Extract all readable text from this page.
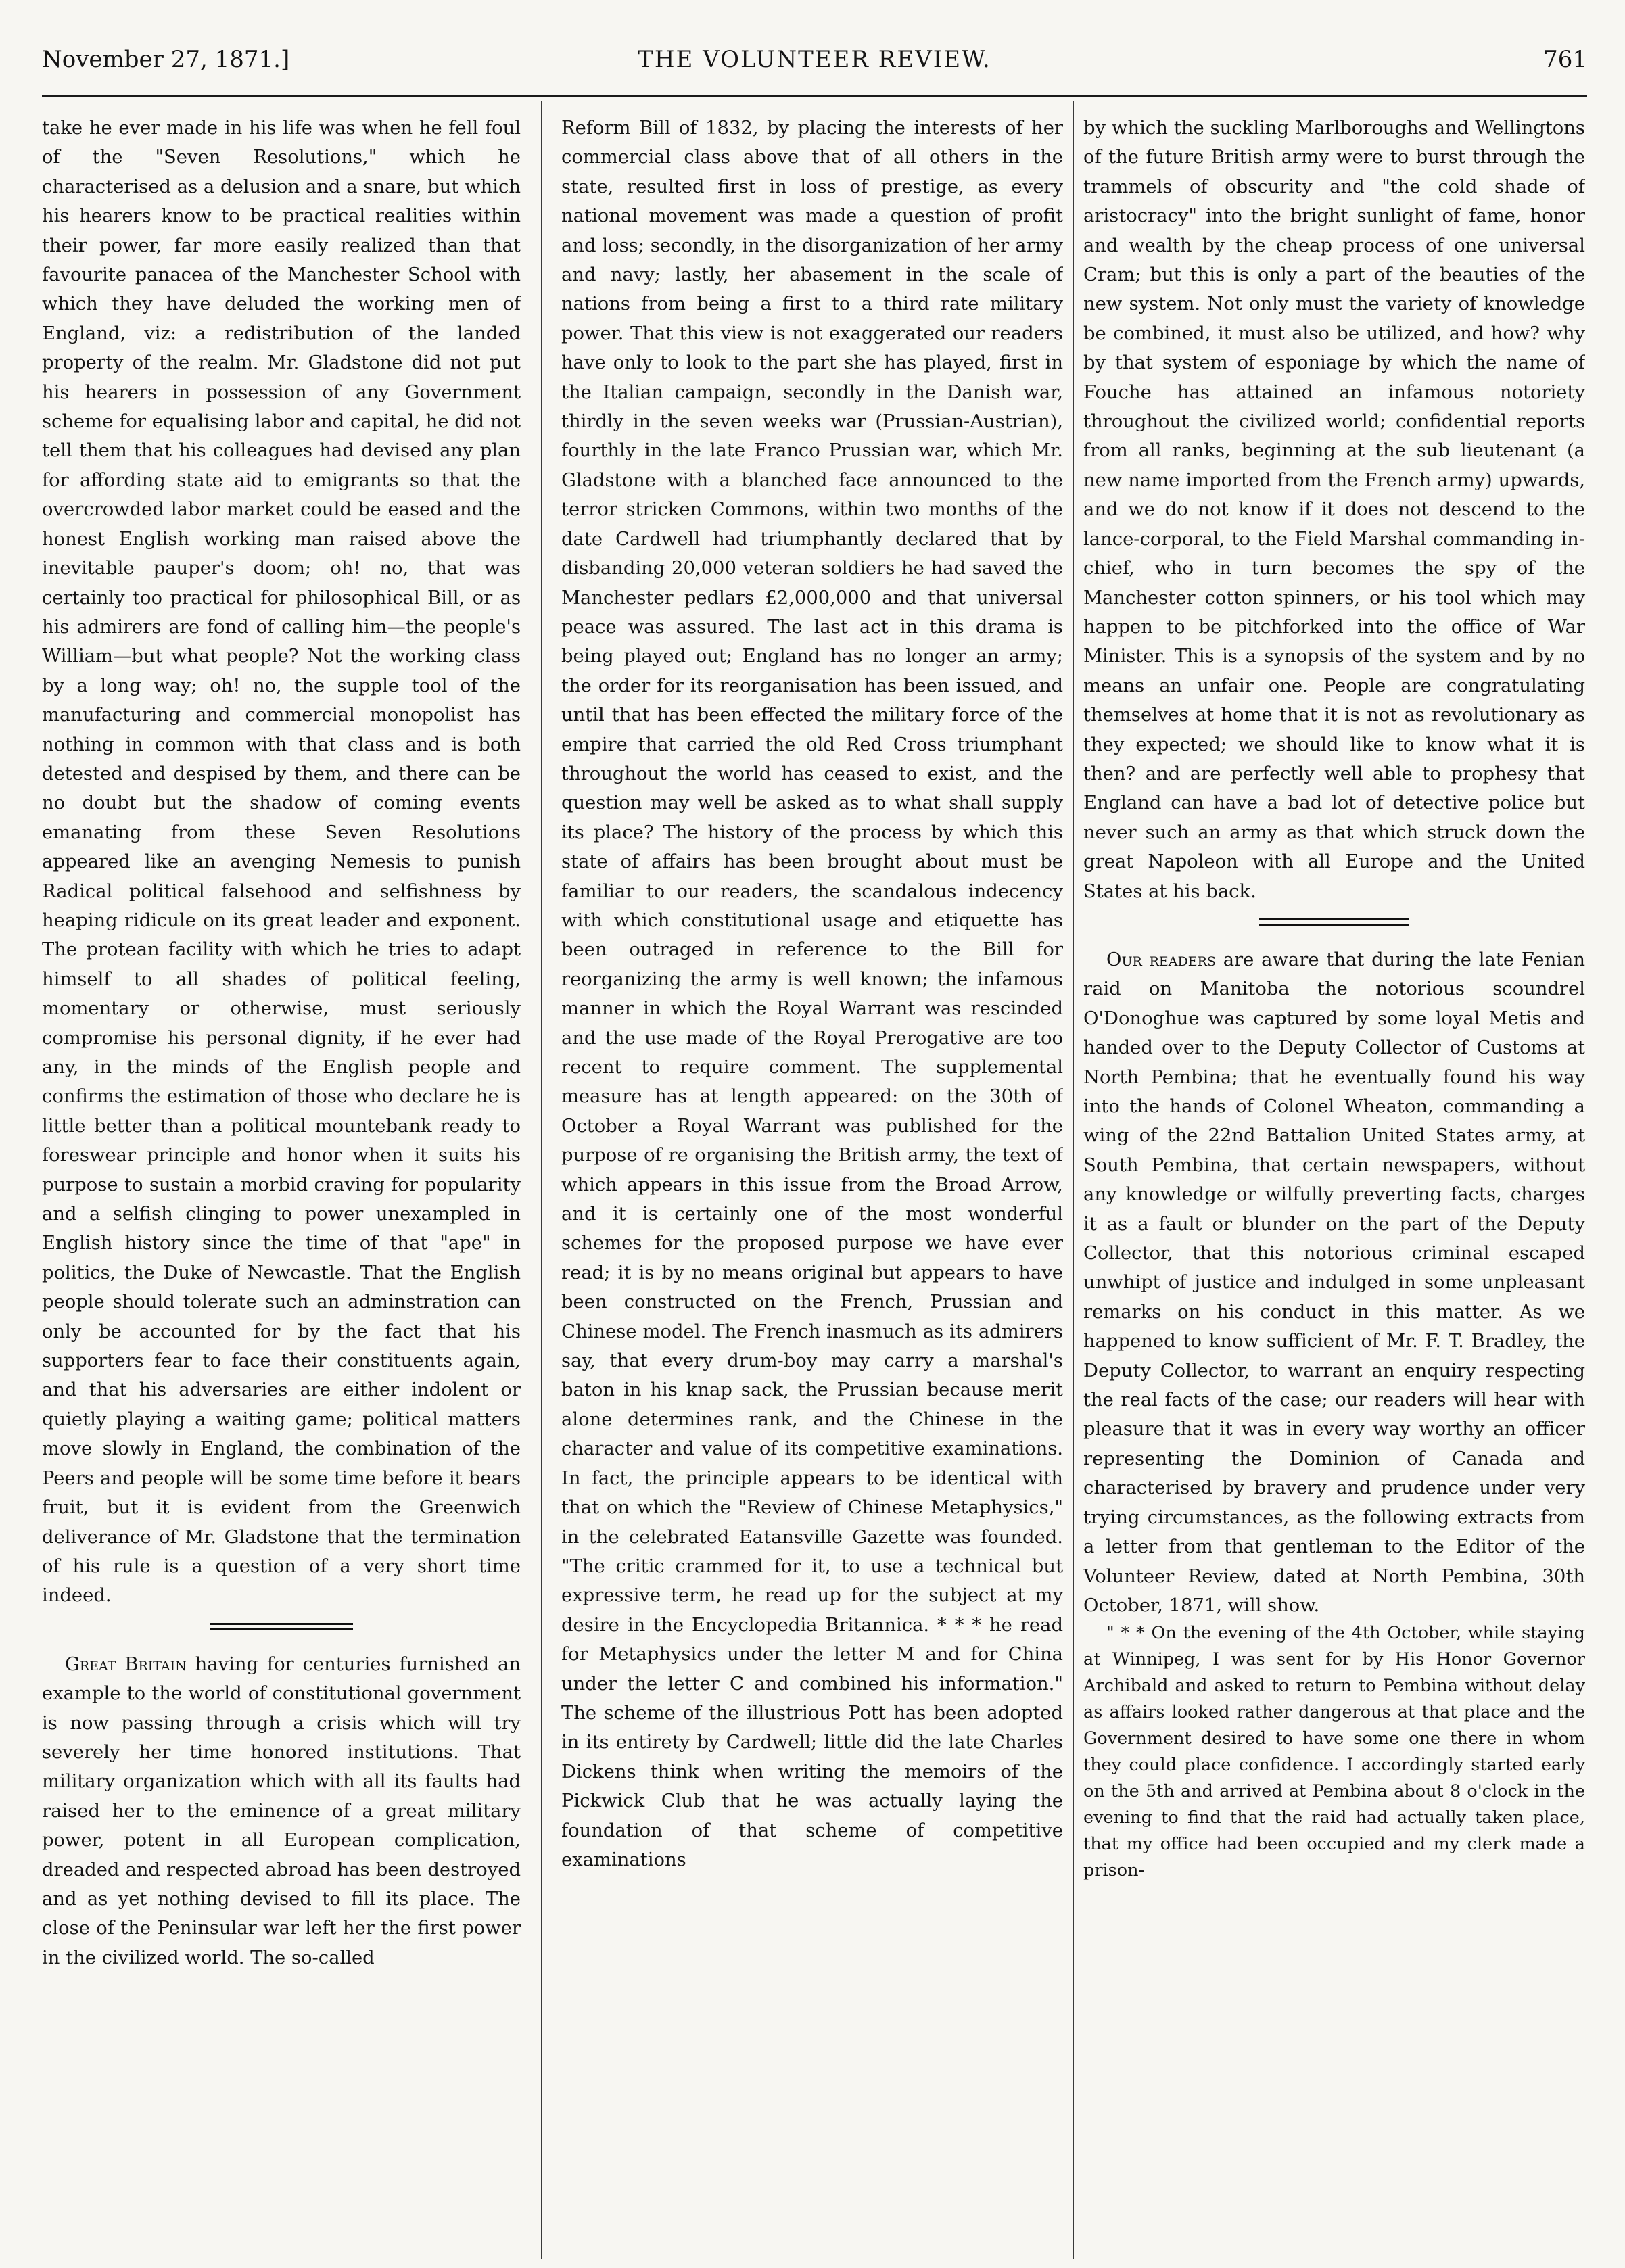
November 27, 1871.]	THE VOLUNTEER REVIEW.	761

take he ever made in his life was when he fell foul of the "Seven Resolutions," which he characterised as a delusion and a snare, but which his hearers know to be practical realities within their power, far more easily realized than that favourite panacea of the Manchester School with which they have deluded the working men of England, viz: a redistribution of the landed property of the realm. Mr. Gladstone did not put his hearers in possession of any Government scheme for equalising labor and capital, he did not tell them that his colleagues had devised any plan for affording state aid to emigrants so that the overcrowded labor market could be eased and the honest English working man raised above the inevitable pauper's doom; oh! no, that was certainly too practical for philosophical Bill, or as his admirers are fond of calling him—the people's William—but what people? Not the working class by a long way; oh! no, the supple tool of the manufacturing and commercial monopolist has nothing in common with that class and is both detested and despised by them, and there can be no doubt but the shadow of coming events emanating from these Seven Resolutions appeared like an avenging Nemesis to punish Radical political falsehood and selfishness by heaping ridicule on its great leader and exponent. The protean facility with which he tries to adapt himself to all shades of political feeling, momentary or otherwise, must seriously compromise his personal dignity, if he ever had any, in the minds of the English people and confirms the estimation of those who declare he is little better than a political mountebank ready to foreswear principle and honor when it suits his purpose to sustain a morbid craving for popularity and a selfish clinging to power unexampled in English history since the time of that "ape" in politics, the Duke of Newcastle. That the English people should tolerate such an adminstration can only be accounted for by the fact that his supporters fear to face their constituents again, and that his adversaries are either indolent or quietly playing a waiting game; political matters move slowly in England, the combination of the Peers and people will be some time before it bears fruit, but it is evident from the Greenwich deliverance of Mr. Gladstone that the termination of his rule is a question of a very short time indeed.

Great Britain having for centuries furnished an example to the world of constitutional government is now passing through a crisis which will try severely her time honored institutions. That military organization which with all its faults had raised her to the eminence of a great military power, potent in all European complication, dreaded and respected abroad has been destroyed and as yet nothing devised to fill its place. The close of the Peninsular war left her the first power in the civilized world. The so-called

Reform Bill of 1832, by placing the interests of her commercial class above that of all others in the state, resulted first in loss of prestige, as every national movement was made a question of profit and loss; secondly, in the disorganization of her army and navy; lastly, her abasement in the scale of nations from being a first to a third rate military power. That this view is not exaggerated our readers have only to look to the part she has played, first in the Italian campaign, secondly in the Danish war, thirdly in the seven weeks war (Prussian-Austrian), fourthly in the late Franco Prussian war, which Mr. Gladstone with a blanched face announced to the terror stricken Commons, within two months of the date Cardwell had triumphantly declared that by disbanding 20,000 veteran soldiers he had saved the Manchester pedlars £2,000,000 and that universal peace was assured. The last act in this drama is being played out; England has no longer an army; the order for its reorganisation has been issued, and until that has been effected the military force of the empire that carried the old Red Cross triumphant throughout the world has ceased to exist, and the question may well be asked as to what shall supply its place? The history of the process by which this state of affairs has been brought about must be familiar to our readers, the scandalous indecency with which constitutional usage and etiquette has been outraged in reference to the Bill for reorganizing the army is well known; the infamous manner in which the Royal Warrant was rescinded and the use made of the Royal Prerogative are too recent to require comment. The supplemental measure has at length appeared: on the 30th of October a Royal Warrant was published for the purpose of re organising the British army, the text of which appears in this issue from the Broad Arrow, and it is certainly one of the most wonderful schemes for the proposed purpose we have ever read; it is by no means original but appears to have been constructed on the French, Prussian and Chinese model. The French inasmuch as its admirers say, that every drum-boy may carry a marshal's baton in his knap sack, the Prussian because merit alone determines rank, and the Chinese in the character and value of its competitive examinations. In fact, the principle appears to be identical with that on which the "Review of Chinese Metaphysics," in the celebrated Eatansville Gazette was founded. "The critic crammed for it, to use a technical but expressive term, he read up for the subject at my desire in the Encyclopedia Britannica. * * * he read for Metaphysics under the letter M and for China under the letter C and combined his information." The scheme of the illustrious Pott has been adopted in its entirety by Cardwell; little did the late Charles Dickens think when writing the memoirs of the Pickwick Club that he was actually laying the foundation of that scheme of competitive examinations

by which the suckling Marlboroughs and Wellingtons of the future British army were to burst through the trammels of obscurity and "the cold shade of aristocracy" into the bright sunlight of fame, honor and wealth by the cheap process of one universal Cram; but this is only a part of the beauties of the new system. Not only must the variety of knowledge be combined, it must also be utilized, and how? why by that system of esponiage by which the name of Fouche has attained an infamous notoriety throughout the civilized world; confidential reports from all ranks, beginning at the sub lieutenant (a new name imported from the French army) upwards, and we do not know if it does not descend to the lance-corporal, to the Field Marshal commanding in-chief, who in turn becomes the spy of the Manchester cotton spinners, or his tool which may happen to be pitchforked into the office of War Minister. This is a synopsis of the system and by no means an unfair one. People are congratulating themselves at home that it is not as revolutionary as they expected; we should like to know what it is then? and are perfectly well able to prophesy that England can have a bad lot of detective police but never such an army as that which struck down the great Napoleon with all Europe and the United States at his back.

Our readers are aware that during the late Fenian raid on Manitoba the notorious scoundrel O'Donoghue was captured by some loyal Metis and handed over to the Deputy Collector of Customs at North Pembina; that he eventually found his way into the hands of Colonel Wheaton, commanding a wing of the 22nd Battalion United States army, at South Pembina, that certain newspapers, without any knowledge or wilfully preverting facts, charges it as a fault or blunder on the part of the Deputy Collector, that this notorious criminal escaped unwhipt of justice and indulged in some unpleasant remarks on his conduct in this matter. As we happened to know sufficient of Mr. F. T. Bradley, the Deputy Collector, to warrant an enquiry respecting the real facts of the case; our readers will hear with pleasure that it was in every way worthy an officer representing the Dominion of Canada and characterised by bravery and prudence under very trying circumstances, as the following extracts from a letter from that gentleman to the Editor of the Volunteer Review, dated at North Pembina, 30th October, 1871, will show.

" * * On the evening of the 4th October, while staying at Winnipeg, I was sent for by His Honor Governor Archibald and asked to return to Pembina without delay as affairs looked rather dangerous at that place and the Government desired to have some one there in whom they could place confidence. I accordingly started early on the 5th and arrived at Pembina about 8 o'clock in the evening to find that the raid had actually taken place, that my office had been occupied and my clerk made a prison-
